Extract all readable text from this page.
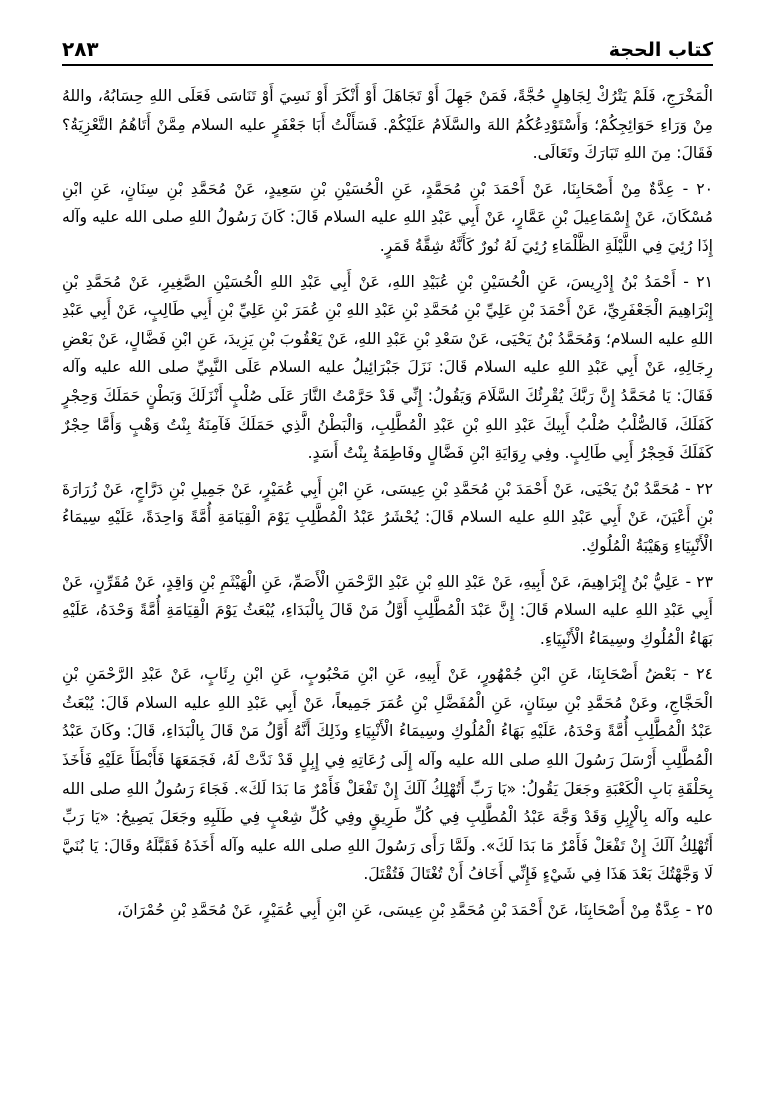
٢٨٣	كتاب الحجة

الْمَخْرَجِ، فَلَمْ يَتْرُكْ لِجَاهِلٍ حُجَّةً، فَمَنْ جَهِلَ أَوْ تَجَاهَلَ أَوْ أَنْكَرَ أَوْ نَسِيَ أَوْ تَنَاسَى فَعَلَى اللهِ حِسَابُهُ، واللهُ مِنْ وَرَاءِ حَوَائِجِكُمْ؛ وَأَسْتَوْدِعُكُمُ اللهَ والسَّلَامُ عَلَيْكُمْ. فَسَأَلْتُ أَبَا جَعْفَرٍ عليه السلام مِمَّنْ أَتَاهُمُ التَّعْزِيَةُ؟ فَقَالَ: مِنَ اللهِ تَبَارَكَ وتَعَالَى.

٢٠ - عِدَّةٌ مِنْ أَصْحَابِنَا، عَنْ أَحْمَدَ بْنِ مُحَمَّدٍ، عَنِ الْحُسَيْنِ بْنِ سَعِيدٍ، عَنْ مُحَمَّدِ بْنِ سِنَانٍ، عَنِ ابْنِ مُسْكَانَ، عَنْ إِسْمَاعِيلَ بْنِ عَمَّارٍ، عَنْ أَبِي عَبْدِ اللهِ عليه السلام قَالَ: كَانَ رَسُولُ اللهِ صلى الله عليه وآله إِذَا رُئِيَ فِي اللَّيْلَةِ الظَّلْمَاءِ رُئِيَ لَهُ نُورٌ كَأَنَّهُ شِقَّةُ قَمَرٍ.

٢١ - أَحْمَدُ بْنُ إِدْرِيسَ، عَنِ الْحُسَيْنِ بْنِ عُبَيْدِ اللهِ، عَنْ أَبِي عَبْدِ اللهِ الْحُسَيْنِ الصَّغِيرِ، عَنْ مُحَمَّدِ بْنِ إِبْرَاهِيمَ الْجَعْفَرِيِّ، عَنْ أَحْمَدَ بْنِ عَلِيِّ بْنِ مُحَمَّدِ بْنِ عَبْدِ اللهِ بْنِ عُمَرَ بْنِ عَلِيِّ بْنِ أَبِي طَالِبٍ، عَنْ أَبِي عَبْدِ اللهِ عليه السلام؛ وَمُحَمَّدُ بْنُ يَحْيَى، عَنْ سَعْدِ بْنِ عَبْدِ اللهِ، عَنْ يَعْقُوبَ بْنِ يَزِيدَ، عَنِ ابْنِ فَضَّالٍ، عَنْ بَعْضِ رِجَالِهِ، عَنْ أَبِي عَبْدِ اللهِ عليه السلام قَالَ: نَزَلَ جَبْرَائِيلُ عليه السلام عَلَى النَّبِيِّ صلى الله عليه وآله فَقَالَ: يَا مُحَمَّدُ إِنَّ رَبَّكَ يُقْرِئُكَ السَّلَامَ وَيَقُولُ: إِنِّي قَدْ حَرَّمْتُ النَّارَ عَلَى صُلْبٍ أَنْزَلَكَ وَبَطْنٍ حَمَلَكَ وَحِجْرٍ كَفَلَكَ، فَالصُّلْبُ صُلْبُ أَبِيكَ عَبْدِ اللهِ بْنِ عَبْدِ الْمُطَّلِبِ، وَالْبَطْنُ الَّذِي حَمَلَكَ فَآمِنَةُ بِنْتُ وَهْبٍ وَأَمَّا حِجْرٌ كَفَلَكَ فَحِجْرُ أَبِي طَالِبٍ. وفِي رِوَايَةِ ابْنِ فَضَّالٍ وفَاطِمَةُ بِنْتُ أَسَدٍ.

٢٢ - مُحَمَّدُ بْنُ يَحْيَى، عَنْ أَحْمَدَ بْنِ مُحَمَّدِ بْنِ عِيسَى، عَنِ ابْنِ أَبِي عُمَيْرٍ، عَنْ جَمِيلِ بْنِ دَرَّاجٍ، عَنْ زُرَارَةَ بْنِ أَعْيَنَ، عَنْ أَبِي عَبْدِ اللهِ عليه السلام قَالَ: يُحْشَرُ عَبْدُ الْمُطَّلِبِ يَوْمَ الْقِيَامَةِ أُمَّةً وَاحِدَةً، عَلَيْهِ سِيمَاءُ الْأَنْبِيَاءِ وَهَيْبَةُ الْمُلُوكِ.

٢٣ - عَلِيُّ بْنُ إِبْرَاهِيمَ، عَنْ أَبِيهِ، عَنْ عَبْدِ اللهِ بْنِ عَبْدِ الرَّحْمَنِ الْأَصَمِّ، عَنِ الْهَيْثَمِ بْنِ وَاقِدٍ، عَنْ مُقَرِّنٍ، عَنْ أَبِي عَبْدِ اللهِ عليه السلام قَالَ: إِنَّ عَبْدَ الْمُطَّلِبِ أَوَّلُ مَنْ قَالَ بِالْبَدَاءِ، يُبْعَثُ يَوْمَ الْقِيَامَةِ أُمَّةً وَحْدَهُ، عَلَيْهِ بَهَاءُ الْمُلُوكِ وسِيمَاءُ الْأَنْبِيَاءِ.

٢٤ - بَعْضُ أَصْحَابِنَا، عَنِ ابْنِ جُمْهُورٍ، عَنْ أَبِيهِ، عَنِ ابْنِ مَحْبُوبٍ، عَنِ ابْنِ رِئَابٍ، عَنْ عَبْدِ الرَّحْمَنِ بْنِ الْحَجَّاجِ، وعَنْ مُحَمَّدِ بْنِ سِنَانٍ، عَنِ الْمُفَضَّلِ بْنِ عُمَرَ جَمِيعاً، عَنْ أَبِي عَبْدِ اللهِ عليه السلام قَالَ: يُبْعَثُ عَبْدُ الْمُطَّلِبِ أُمَّةً وَحْدَهُ، عَلَيْهِ بَهَاءُ الْمُلُوكِ وسِيمَاءُ الْأَنْبِيَاءِ وذَلِكَ أَنَّهُ أَوَّلُ مَنْ قَالَ بِالْبَدَاءِ، قَالَ: وكَانَ عَبْدُ الْمُطَّلِبِ أَرْسَلَ رَسُولَ اللهِ صلى الله عليه وآله إِلَى رُعَاتِهِ فِي إِبِلٍ قَدْ نَدَّتْ لَهُ، فَجَمَعَهَا فَأَبْطَأَ عَلَيْهِ فَأَخَذَ بِحَلْقَةِ بَابِ الْكَعْبَةِ وجَعَلَ يَقُولُ: «يَا رَبِّ أَتُهْلِكُ آلَكَ إِنْ تَفْعَلْ فَأَمْرٌ مَا بَدَا لَكَ». فَجَاءَ رَسُولُ اللهِ صلى الله عليه وآله بِالْإِبِلِ وَقَدْ وَجَّهَ عَبْدُ الْمُطَّلِبِ فِي كُلِّ طَرِيقٍ وفِي كُلِّ شِعْبٍ فِي طَلَبِهِ وجَعَلَ يَصِيحُ: «يَا رَبِّ أَتُهْلِكُ آلَكَ إِنْ تَفْعَلْ فَأَمْرٌ مَا بَدَا لَكَ». ولَمَّا رَأَى رَسُولَ اللهِ صلى الله عليه وآله أَخَذَهُ فَقَبَّلَهُ وقَالَ: يَا بُنَيَّ لَا وَجَّهْتُكَ بَعْدَ هَذَا فِي شَيْءٍ فَإِنِّي أَخَافُ أَنْ تُغْتَالَ فَتُقْتَلَ.

٢٥ - عِدَّةٌ مِنْ أَصْحَابِنَا، عَنْ أَحْمَدَ بْنِ مُحَمَّدِ بْنِ عِيسَى، عَنِ ابْنِ أَبِي عُمَيْرٍ، عَنْ مُحَمَّدِ بْنِ حُمْرَانَ،
